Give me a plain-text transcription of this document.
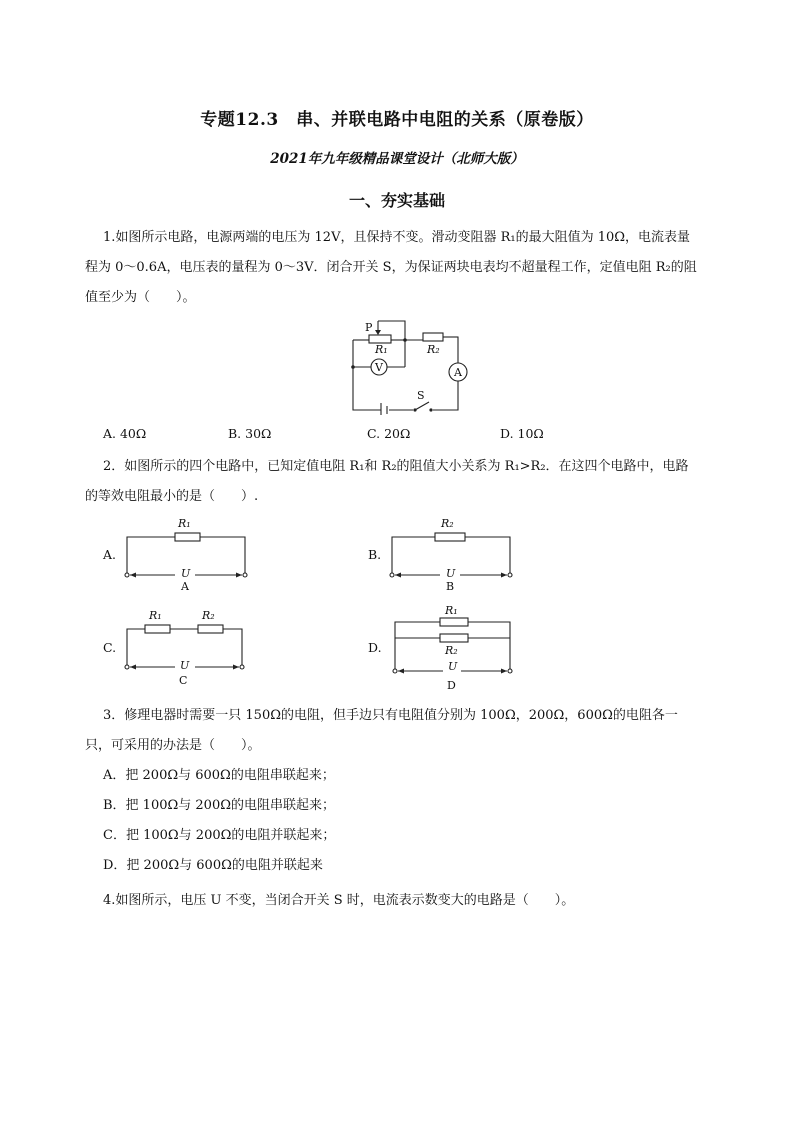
专题12.3　串、并联电路中电阻的关系（原卷版）
2021年九年级精品课堂设计（北师大版）
一、夯实基础
1.如图所示电路，电源两端的电压为 12V，且保持不变。滑动变阻器 R₁的最大阻值为 10Ω，电流表量
程为 0～0.6A，电压表的量程为 0～3V．闭合开关 S，为保证两块电表均不超量程工作，定值电阻 R₂的阻
值至少为（　　）。
P
R₁	R₂
V	A
S
A. 40Ω	B. 30Ω	C. 20Ω	D. 10Ω
2．如图所示的四个电路中，已知定值电阻 R₁和 R₂的阻值大小关系为 R₁>R₂．在这四个电路中，电路
的等效电阻最小的是（　　）.
A.
R₁
U
A
B.
R₂
U
B
C.
R₁	R₂
U
C
D.
R₁
R₂
U
D
3．修理电器时需要一只 150Ω的电阻，但手边只有电阻值分别为 100Ω，200Ω，600Ω的电阻各一
只，可采用的办法是（　　）。
A．把 200Ω与 600Ω的电阻串联起来；
B．把 100Ω与 200Ω的电阻串联起来；
C．把 100Ω与 200Ω的电阻并联起来；
D．把 200Ω与 600Ω的电阻并联起来
4.如图所示，电压 U 不变，当闭合开关 S 时，电流表示数变大的电路是（　　）。
